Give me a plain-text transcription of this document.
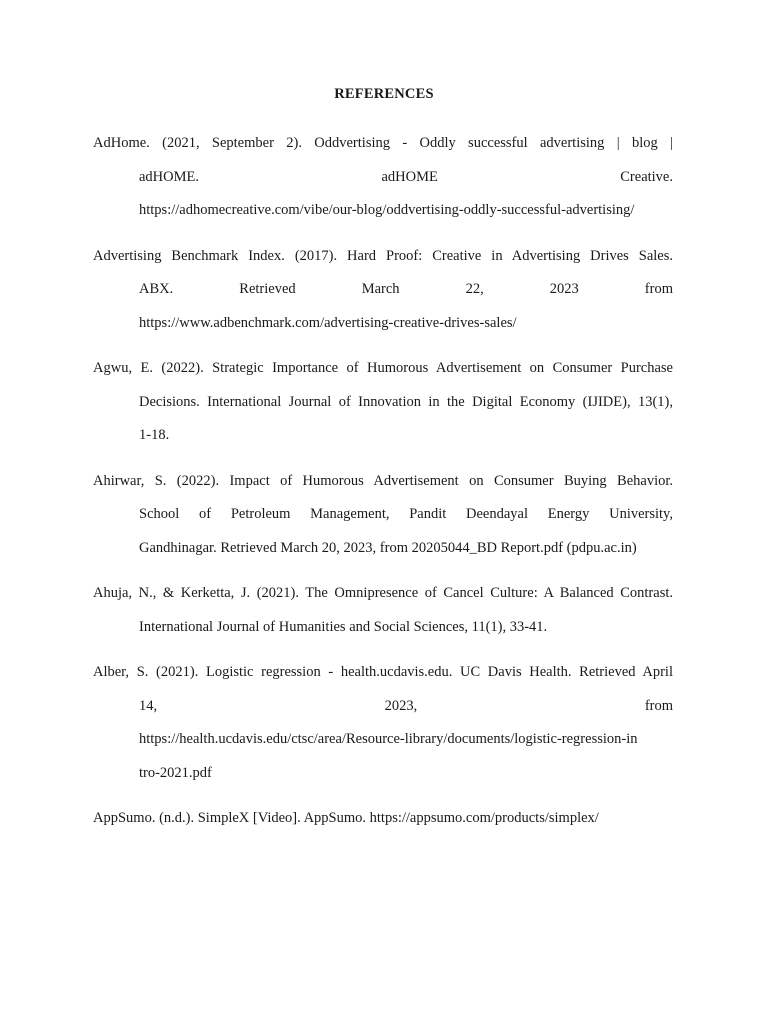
REFERENCES
AdHome. (2021, September 2). Oddvertising - Oddly successful advertising | blog |
adHOME. adHOME Creative.
https://adhomecreative.com/vibe/our-blog/oddvertising-oddly-successful-advertising/
Advertising Benchmark Index. (2017). Hard Proof: Creative in Advertising Drives Sales.
ABX. Retrieved March 22, 2023 from
https://www.adbenchmark.com/advertising-creative-drives-sales/
Agwu, E. (2022). Strategic Importance of Humorous Advertisement on Consumer Purchase
Decisions. International Journal of Innovation in the Digital Economy (IJIDE), 13(1),
1-18.
Ahirwar, S. (2022). Impact of Humorous Advertisement on Consumer Buying Behavior.
School of Petroleum Management, Pandit Deendayal Energy University,
Gandhinagar. Retrieved March 20, 2023, from 20205044_BD Report.pdf (pdpu.ac.in)
Ahuja, N., & Kerketta, J. (2021). The Omnipresence of Cancel Culture: A Balanced Contrast.
International Journal of Humanities and Social Sciences, 11(1), 33-41.
Alber, S. (2021). Logistic regression - health.ucdavis.edu. UC Davis Health. Retrieved April
14, 2023, from
https://health.ucdavis.edu/ctsc/area/Resource-library/documents/logistic-regression-in
tro-2021.pdf
AppSumo. (n.d.). SimpleX [Video]. AppSumo. https://appsumo.com/products/simplex/
